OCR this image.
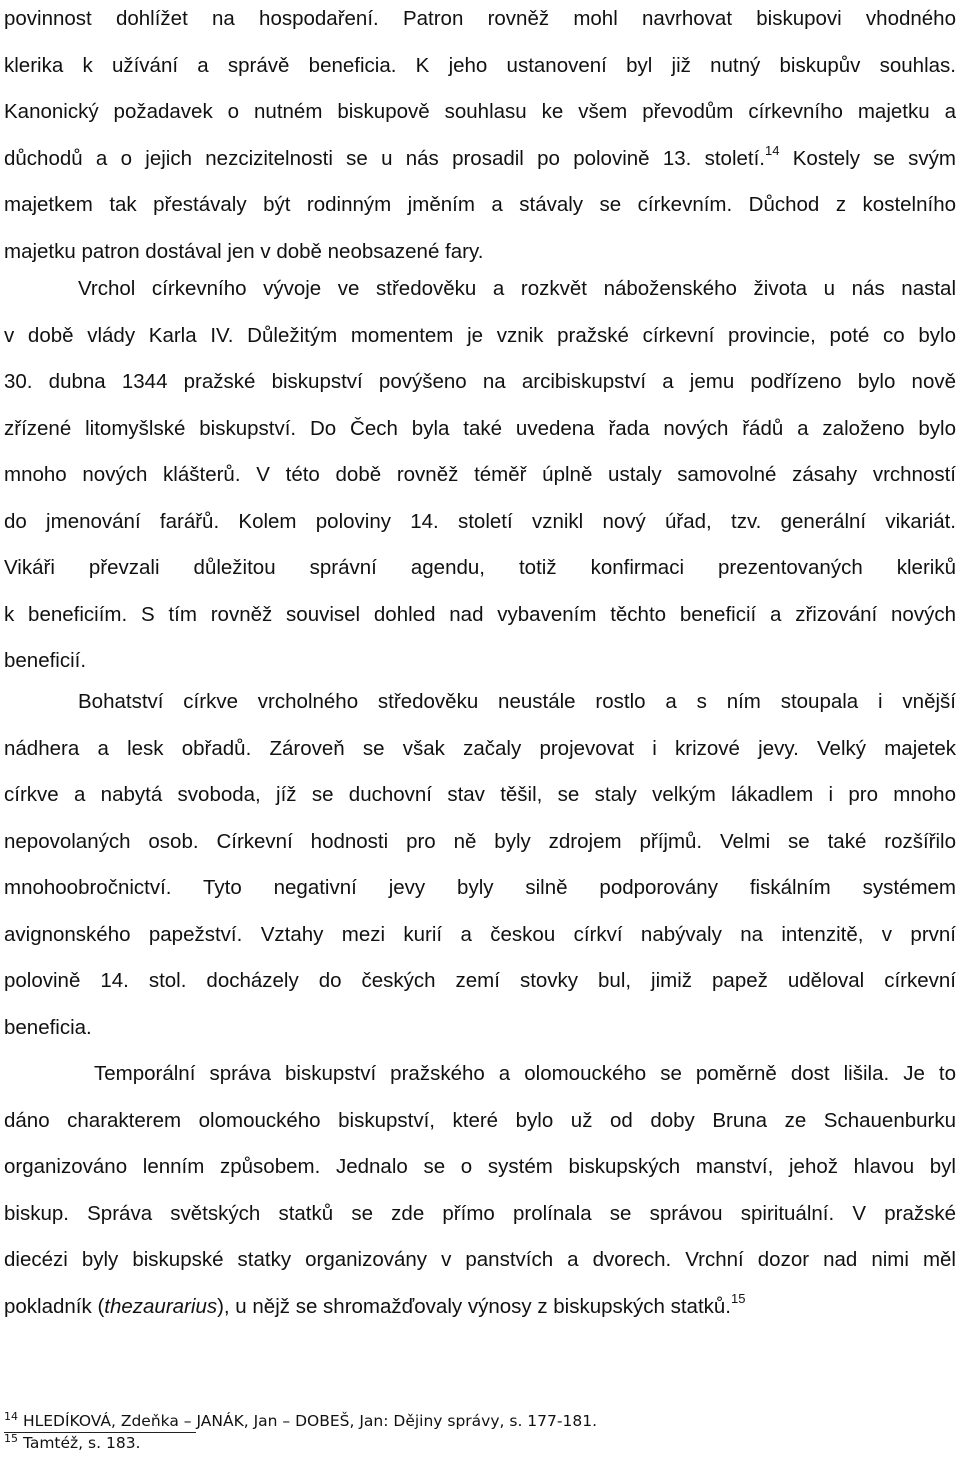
povinnost dohlížet na hospodaření. Patron rovněž mohl navrhovat biskupovi vhodného
klerika k užívání a správě beneficia. K jeho ustanovení byl již nutný biskupův souhlas.
Kanonický požadavek o nutném biskupově souhlasu ke všem převodům církevního majetku a
důchodů a o jejich nezcizitelnosti se u nás prosadil po polovině 13. století.$^{14}$ Kostely se svým
majetkem tak přestávaly být rodinným jměním a stávaly se církevním. Důchod z kostelního
majetku patron dostával jen v době neobsazené fary.

Vrchol církevního vývoje ve středověku a rozkvět náboženského života u nás nastal
v době vlády Karla IV. Důležitým momentem je vznik pražské církevní provincie, poté co bylo
30. dubna 1344 pražské biskupství povýšeno na arcibiskupství a jemu podřízeno bylo nově
zřízené litomyšlské biskupství. Do Čech byla také uvedena řada nových řádů a založeno bylo
mnoho nových klášterů. V této době rovněž téměř úplně ustaly samovolné zásahy vrchností
do jmenování farářů. Kolem poloviny 14. století vznikl nový úřad, tzv. generální vikariát.
Vikáři převzali důležitou správní agendu, totiž konfirmaci prezentovaných kleriků
k beneficiím. S tím rovněž souvisel dohled nad vybavením těchto beneficií a zřizování nových
beneficií.

Bohatství církve vrcholného středověku neustále rostlo a s ním stoupala i vnější
nádhera a lesk obřadů. Zároveň se však začaly projevovat i krizové jevy. Velký majetek
církve a nabytá svoboda, jíž se duchovní stav těšil, se staly velkým lákadlem i pro mnoho
nepovolaných osob. Církevní hodnosti pro ně byly zdrojem příjmů. Velmi se také rozšířilo
mnohoobročnictví. Tyto negativní jevy byly silně podporovány fiskálním systémem
avignonského papežství. Vztahy mezi kurií a českou církví nabývaly na intenzitě, v první
polovině 14. stol. docházely do českých zemí stovky bul, jimiž papež uděloval církevní
beneficia.

Temporální správa biskupství pražského a olomouckého se poměrně dost lišila. Je to
dáno charakterem olomouckého biskupství, které bylo už od doby Bruna ze Schauenburku
organizováno lenním způsobem. Jednalo se o systém biskupských manství, jehož hlavou byl
biskup. Správa světských statků se zde přímo prolínala se správou spirituální. V pražské
diecézi byly biskupské statky organizovány v panstvích a dvorech. Vrchní dozor nad nimi měl
pokladník (thezaurarius), u nějž se shromažďovaly výnosy z biskupských statků.$^{15}$

$^{14}$ HLEDÍKOVÁ, Zdeňka – JANÁK, Jan – DOBEŠ, Jan: Dějiny správy, s. 177-181.
$^{15}$ Tamtéž, s. 183.
